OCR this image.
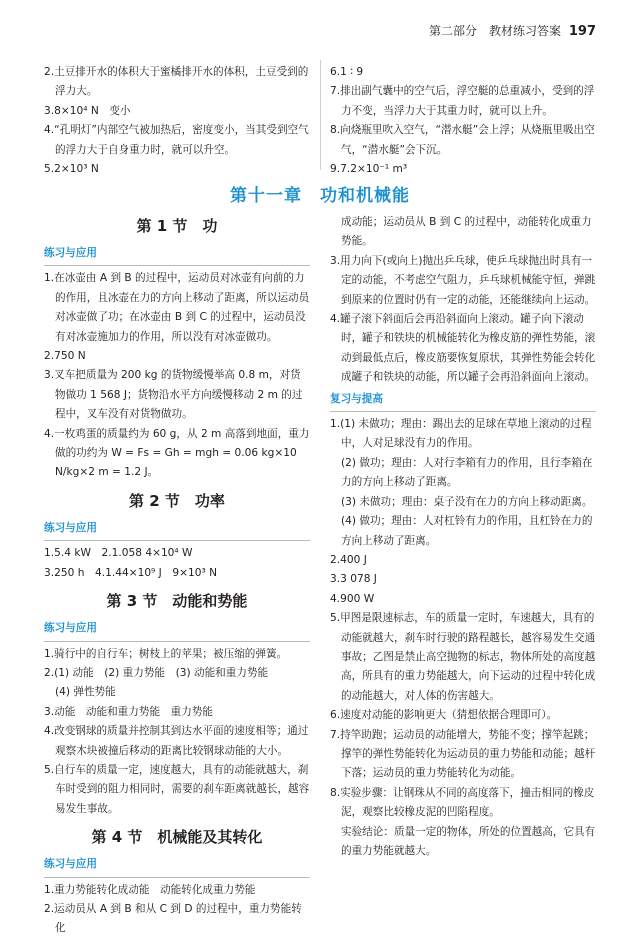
第二部分　教材练习答案 197

2.土豆排开水的体积大于蜜橘排开水的体积，土豆受到的浮力大。

3.8×10⁴ N　变小

4.“孔明灯”内部空气被加热后，密度变小，当其受到空气的浮力大于自身重力时，就可以升空。

5.2×10³ N

6.1 ∶ 9

7.排出副气囊中的空气后，浮空艇的总重减小，受到的浮力不变，当浮力大于其重力时，就可以上升。

8.向烧瓶里吹入空气，“潜水艇”会上浮；从烧瓶里吸出空气，“潜水艇”会下沉。

9.7.2×10⁻¹ m³

第十一章　功和机械能
第 1 节　功
练习与应用

1.在冰壶由 A 到 B 的过程中，运动员对冰壶有向前的力的作用，且冰壶在力的方向上移动了距离，所以运动员对冰壶做了功；在冰壶由 B 到 C 的过程中，运动员没有对冰壶施加力的作用，所以没有对冰壶做功。

2.750 N

3.叉车把质量为 200 kg 的货物缓慢举高 0.8 m，对货物做功 1 568 J；货物沿水平方向缓慢移动 2 m 的过程中，叉车没有对货物做功。

4.一枚鸡蛋的质量约为 60 g，从 2 m 高落到地面，重力做的功约为 W = Fs = Gh = mgh = 0.06 kg×10 N/kg×2 m = 1.2 J。

第 2 节　功率
练习与应用

1.5.4 kW　2.1.058 4×10⁴ W

3.250 h　4.1.44×10⁹ J　9×10³ N

第 3 节　动能和势能
练习与应用

1.骑行中的自行车；树枝上的苹果；被压缩的弹簧。

2.(1) 动能　(2) 重力势能　(3) 动能和重力势能

(4) 弹性势能

3.动能　动能和重力势能　重力势能

4.改变钢球的质量并控制其到达水平面的速度相等；通过观察木块被撞后移动的距离比较钢球动能的大小。

5.自行车的质量一定，速度越大，具有的动能就越大，刹车时受到的阻力相同时，需要的刹车距离就越长，越容易发生事故。

第 4 节　机械能及其转化
练习与应用

1.重力势能转化成动能　动能转化成重力势能

2.运动员从 A 到 B 和从 C 到 D 的过程中，重力势能转化

成动能；运动员从 B 到 C 的过程中，动能转化成重力势能。

3.用力向下(或向上)抛出乒乓球，使乒乓球抛出时具有一定的动能，不考虑空气阻力，乒乓球机械能守恒，弹跳到原来的位置时仍有一定的动能，还能继续向上运动。

4.罐子滚下斜面后会再沿斜面向上滚动。罐子向下滚动时，罐子和铁块的机械能转化为橡皮筋的弹性势能，滚动到最低点后，橡皮筋要恢复原状，其弹性势能会转化成罐子和铁块的动能，所以罐子会再沿斜面向上滚动。

复习与提高

1.(1) 未做功；理由：踢出去的足球在草地上滚动的过程中，人对足球没有力的作用。

(2) 做功；理由：人对行李箱有力的作用，且行李箱在力的方向上移动了距离。

(3) 未做功；理由：桌子没有在力的方向上移动距离。

(4) 做功；理由：人对杠铃有力的作用，且杠铃在力的方向上移动了距离。

2.400 J

3.3 078 J

4.900 W

5.甲图是限速标志，车的质量一定时，车速越大，具有的动能就越大，刹车时行驶的路程越长，越容易发生交通事故；乙图是禁止高空抛物的标志，物体所处的高度越高，所具有的重力势能越大，向下运动的过程中转化成的动能越大，对人体的伤害越大。

6.速度对动能的影响更大（猜想依据合理即可）。

7.持竿助跑；运动员的动能增大，势能不变；撑竿起跳；撑竿的弹性势能转化为运动员的重力势能和动能；越杆下落；运动员的重力势能转化为动能。

8.实验步骤：让钢珠从不同的高度落下，撞击相同的橡皮泥，观察比较橡皮泥的凹陷程度。

实验结论：质量一定的物体，所处的位置越高，它具有的重力势能就越大。
